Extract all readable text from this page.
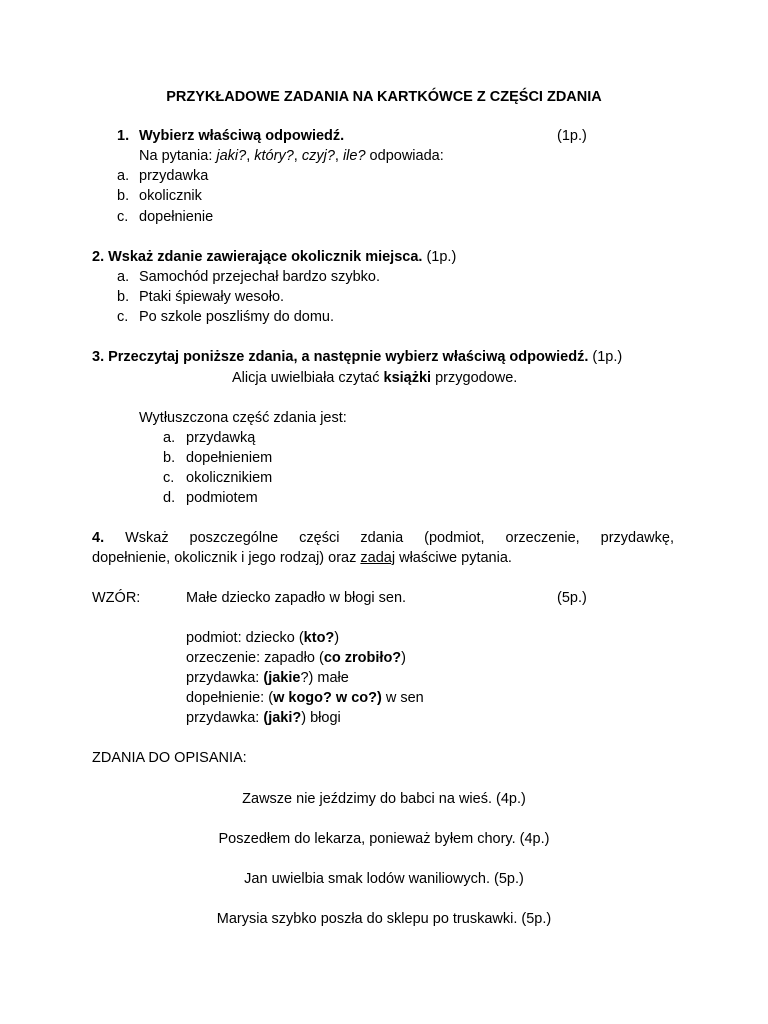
PRZYKŁADOWE ZADANIA NA KARTKÓWCE Z CZĘŚCI ZDANIA
1. Wybierz właściwą odpowiedź.	(1p.)
Na pytania: jaki?, który?, czyj?, ile? odpowiada:
a. przydawka
b. okolicznik
c. dopełnienie
2. Wskaż zdanie zawierające okolicznik miejsca. (1p.)
a. Samochód przejechał bardzo szybko.
b. Ptaki śpiewały wesoło.
c. Po szkole poszliśmy do domu.
3. Przeczytaj poniższe zdania, a następnie wybierz właściwą odpowiedź. (1p.)
Alicja uwielbiała czytać książki przygodowe.
Wytłuszczona część zdania jest:
a. przydawką
b. dopełnieniem
c. okolicznikiem
d. podmiotem
4. Wskaż poszczególne części zdania (podmiot, orzeczenie, przydawkę,
dopełnienie, okolicznik i jego rodzaj) oraz zadaj właściwe pytania.
WZÓR:	Małe dziecko zapadło w błogi sen.	(5p.)
podmiot: dziecko (kto?)
orzeczenie: zapadło (co zrobiło?)
przydawka: (jakie?) małe
dopełnienie: (w kogo? w co?) w sen
przydawka: (jaki?) błogi
ZDANIA DO OPISANIA:
Zawsze nie jeździmy do babci na wieś. (4p.)
Poszedłem do lekarza, ponieważ byłem chory. (4p.)
Jan uwielbia smak lodów waniliowych. (5p.)
Marysia szybko poszła do sklepu po truskawki. (5p.)
